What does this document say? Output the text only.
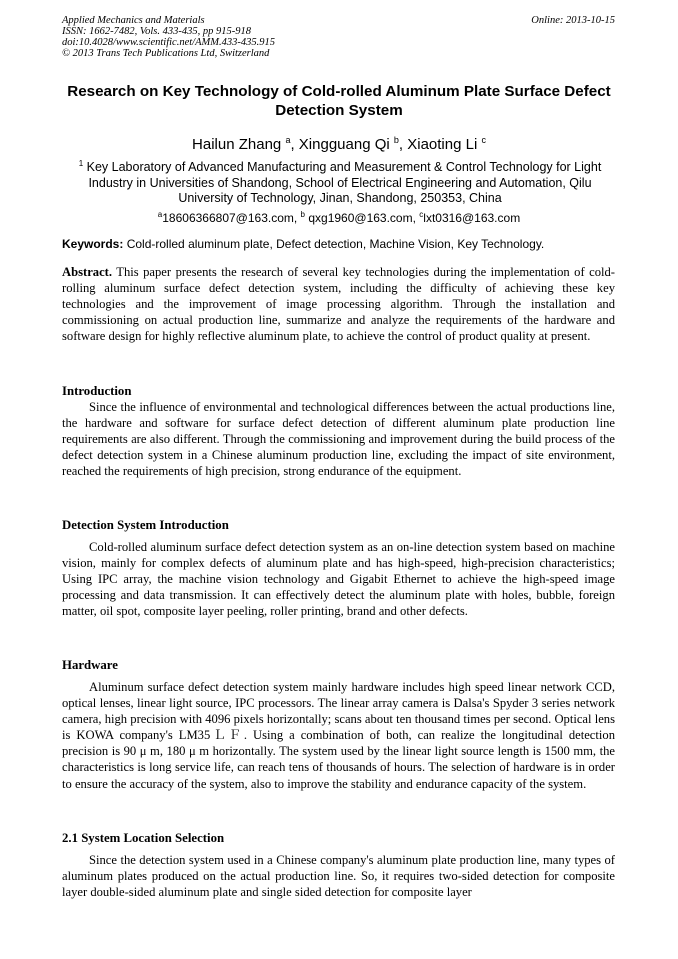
Applied Mechanics and Materials
ISSN: 1662-7482, Vols. 433-435, pp 915-918
doi:10.4028/www.scientific.net/AMM.433-435.915
© 2013 Trans Tech Publications Ltd, Switzerland
Online: 2013-10-15
Research on Key Technology of Cold-rolled Aluminum Plate Surface Defect Detection System
Hailun Zhang $^a$, Xingguang Qi $^b$, Xiaoting Li $^c$
$^1$ Key Laboratory of Advanced Manufacturing and Measurement & Control Technology for Light Industry in Universities of Shandong, School of Electrical Engineering and Automation, Qilu University of Technology, Jinan, Shandong, 250353, China
$^a$18606366807@163.com, $^b$ qxg1960@163.com, $^c$lxt0316@163.com
Keywords: Cold-rolled aluminum plate, Defect detection, Machine Vision, Key Technology.

Abstract. This paper presents the research of several key technologies during the implementation of cold-rolling aluminum surface defect detection system, including the difficulty of achieving these key technologies and the improvement of image processing algorithm. Through the installation and commissioning on actual production line, summarize and analyze the requirements of the hardware and software design for highly reflective aluminum plate, to achieve the control of product quality at present.

Introduction

Since the influence of environmental and technological differences between the actual productions line, the hardware and software for surface defect detection of different aluminum plate production line requirements are also different. Through the commissioning and improvement during the build process of the defect detection system in a Chinese aluminum production line, excluding the impact of site environment, reached the requirements of high precision, strong endurance of the equipment.

Detection System Introduction

Cold-rolled aluminum surface defect detection system as an on-line detection system based on machine vision, mainly for complex defects of aluminum plate and has high-speed, high-precision characteristics; Using IPC array, the machine vision technology and Gigabit Ethernet to achieve the high-speed image processing and data transmission. It can effectively detect the aluminum plate with holes, bubble, foreign matter, oil spot, composite layer peeling, roller printing, brand and other defects.

Hardware

Aluminum surface defect detection system mainly hardware includes high speed linear network CCD, optical lenses, linear light source, IPC processors. The linear array camera is Dalsa's Spyder 3 series network camera, high precision with 4096 pixels horizontally; scans about ten thousand times per second. Optical lens is KOWA company's LM35ＬＦ. Using a combination of both, can realize the longitudinal detection precision is 90 μ m, 180 μ m horizontally. The system used by the linear light source length is 1500 mm, the characteristics is long service life, can reach tens of thousands of hours. The selection of hardware is in order to ensure the accuracy of the system, also to improve the stability and endurance capacity of the system.

2.1 System Location Selection

Since the detection system used in a Chinese company's aluminum plate production line, many types of aluminum plates produced on the actual production line. So, it requires two-sided detection for composite layer double-sided aluminum plate and single sided detection for composite layer
